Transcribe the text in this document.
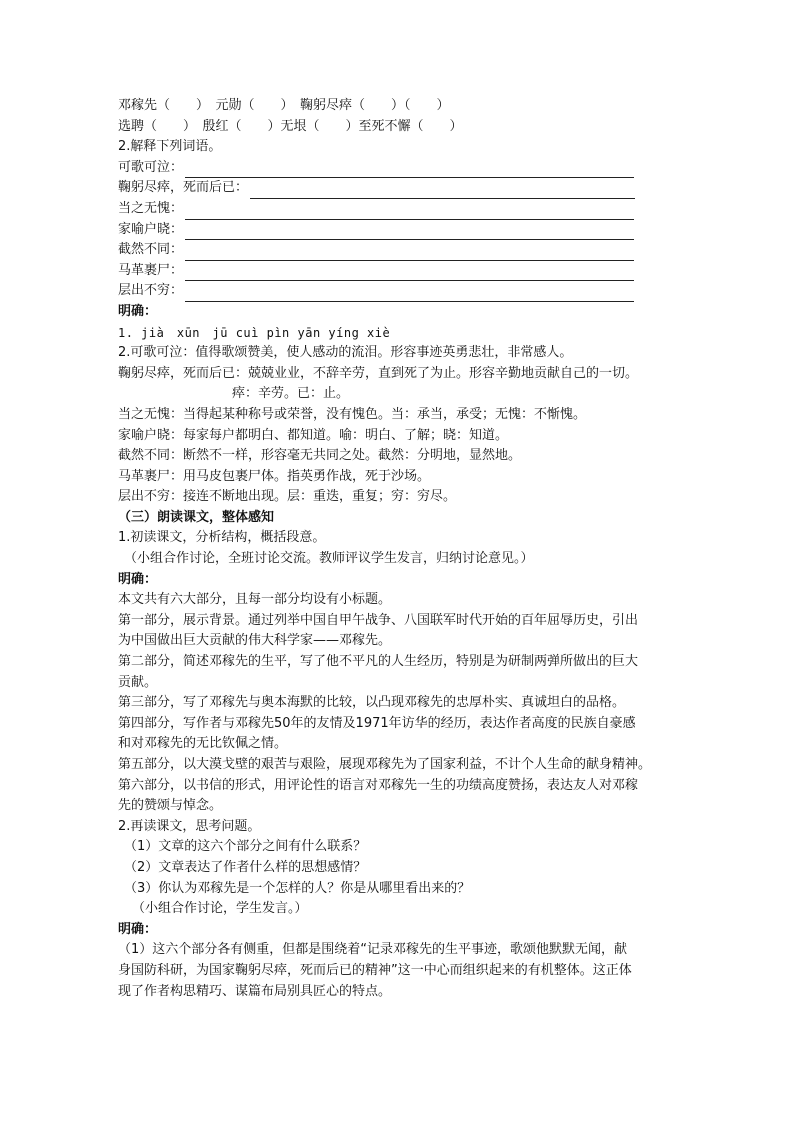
邓稼先（　　）　元勋（　　）　鞠躬尽瘁（　　）（　　）
选聘（　　）　殷红（　　）无垠（　　）至死不懈（　　）
2.解释下列词语。
可歌可泣：
鞠躬尽瘁，死而后已：
当之无愧：
家喻户晓：
截然不同：
马革裹尸：
层出不穷：
明确：
1. jià　xūn　jū cuì pìn yān yíng xiè
2.可歌可泣：值得歌颂赞美，使人感动的流泪。形容事迹英勇悲壮，非常感人。
鞠躬尽瘁，死而后已：兢兢业业，不辞辛劳，直到死了为止。形容辛勤地贡献自己的一切。
瘁：辛劳。已：止。
当之无愧：当得起某种称号或荣誉，没有愧色。当：承当，承受；无愧：不惭愧。
家喻户晓：每家每户都明白、都知道。喻：明白、了解；晓：知道。
截然不同：断然不一样，形容毫无共同之处。截然：分明地，显然地。
马革裹尸：用马皮包裹尸体。指英勇作战，死于沙场。
层出不穷：接连不断地出现。层：重迭，重复；穷：穷尽。
（三）朗读课文，整体感知
1.初读课文，分析结构，概括段意。
（小组合作讨论，全班讨论交流。教师评议学生发言，归纳讨论意见。）
明确：
本文共有六大部分，且每一部分均设有小标题。
第一部分，展示背景。通过列举中国自甲午战争、八国联军时代开始的百年屈辱历史，引出
为中国做出巨大贡献的伟大科学家——邓稼先。
第二部分，简述邓稼先的生平，写了他不平凡的人生经历，特别是为研制两弹所做出的巨大
贡献。
第三部分，写了邓稼先与奥本海默的比较，以凸现邓稼先的忠厚朴实、真诚坦白的品格。
第四部分，写作者与邓稼先50年的友情及1971年访华的经历，表达作者高度的民族自豪感
和对邓稼先的无比钦佩之情。
第五部分，以大漠戈壁的艰苦与艰险，展现邓稼先为了国家利益，不计个人生命的献身精神。
第六部分，以书信的形式，用评论性的语言对邓稼先一生的功绩高度赞扬，表达友人对邓稼
先的赞颂与悼念。
2.再读课文，思考问题。
（1）文章的这六个部分之间有什么联系？
（2）文章表达了作者什么样的思想感情？
（3）你认为邓稼先是一个怎样的人？你是从哪里看出来的？
（小组合作讨论，学生发言。）
明确：
（1）这六个部分各有侧重，但都是围绕着“记录邓稼先的生平事迹，歌颂他默默无闻，献
身国防科研，为国家鞠躬尽瘁，死而后已的精神”这一中心而组织起来的有机整体。这正体
现了作者构思精巧、谋篇布局别具匠心的特点。
